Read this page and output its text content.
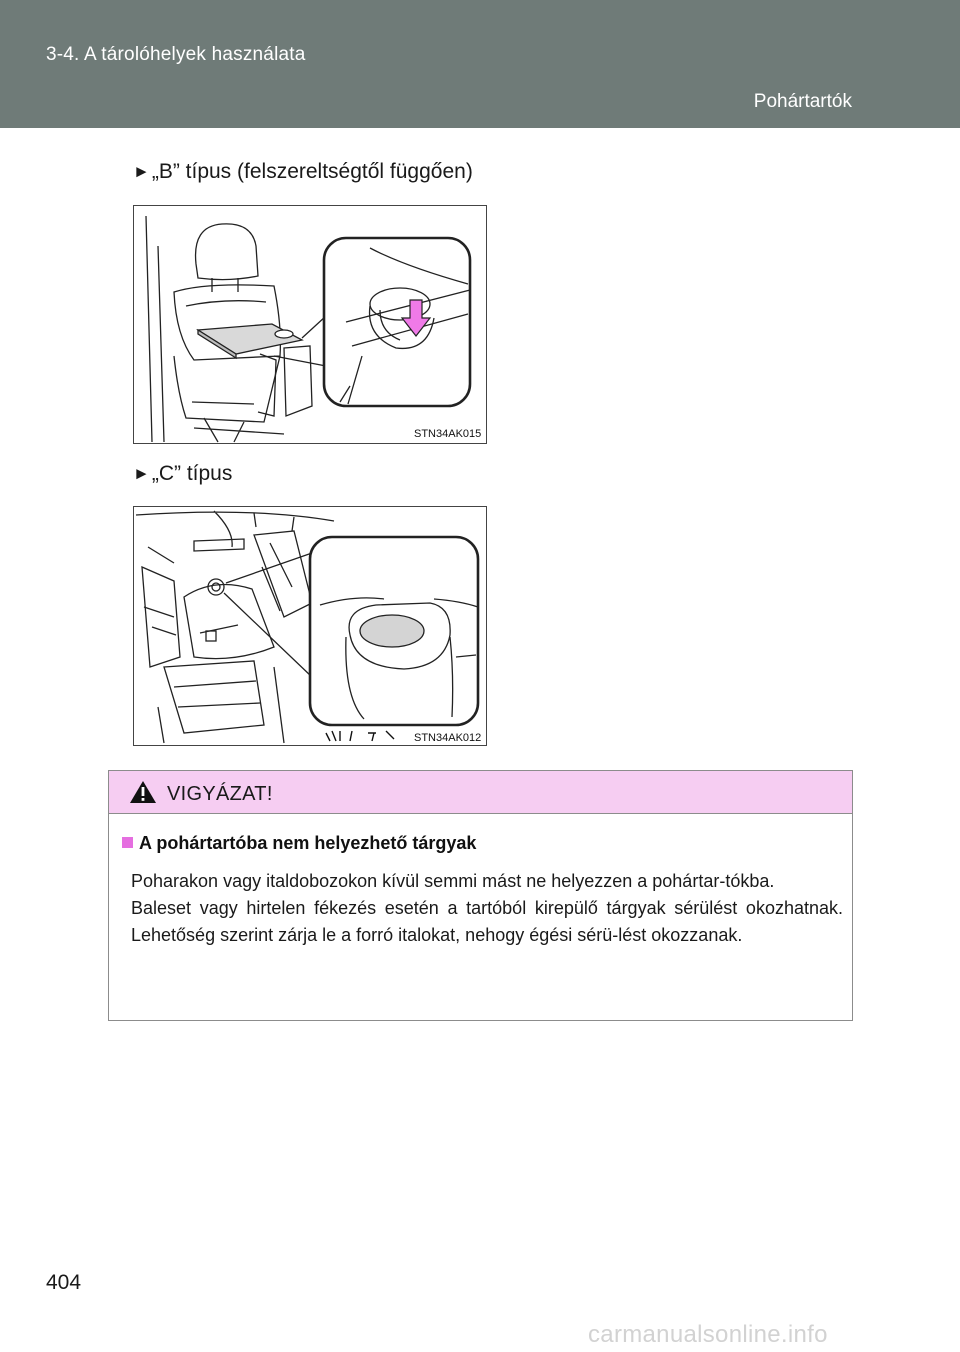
3-4. A tárolóhelyek használata
Pohártartók
►„B” típus (felszereltségtől függően)
STN34AK015
►„C” típus
STN34AK012
VIGYÁZAT!
A pohártartóba nem helyezhető tárgyak

Poharakon vagy italdobozokon kívül semmi mást ne helyezzen a pohártar-tókba.

Baleset vagy hirtelen fékezés esetén a tartóból kirepülő tárgyak sérülést okozhatnak. Lehetőség szerint zárja le a forró italokat, nehogy égési sérü-lést okozzanak.

404
carmanualsonline.info
